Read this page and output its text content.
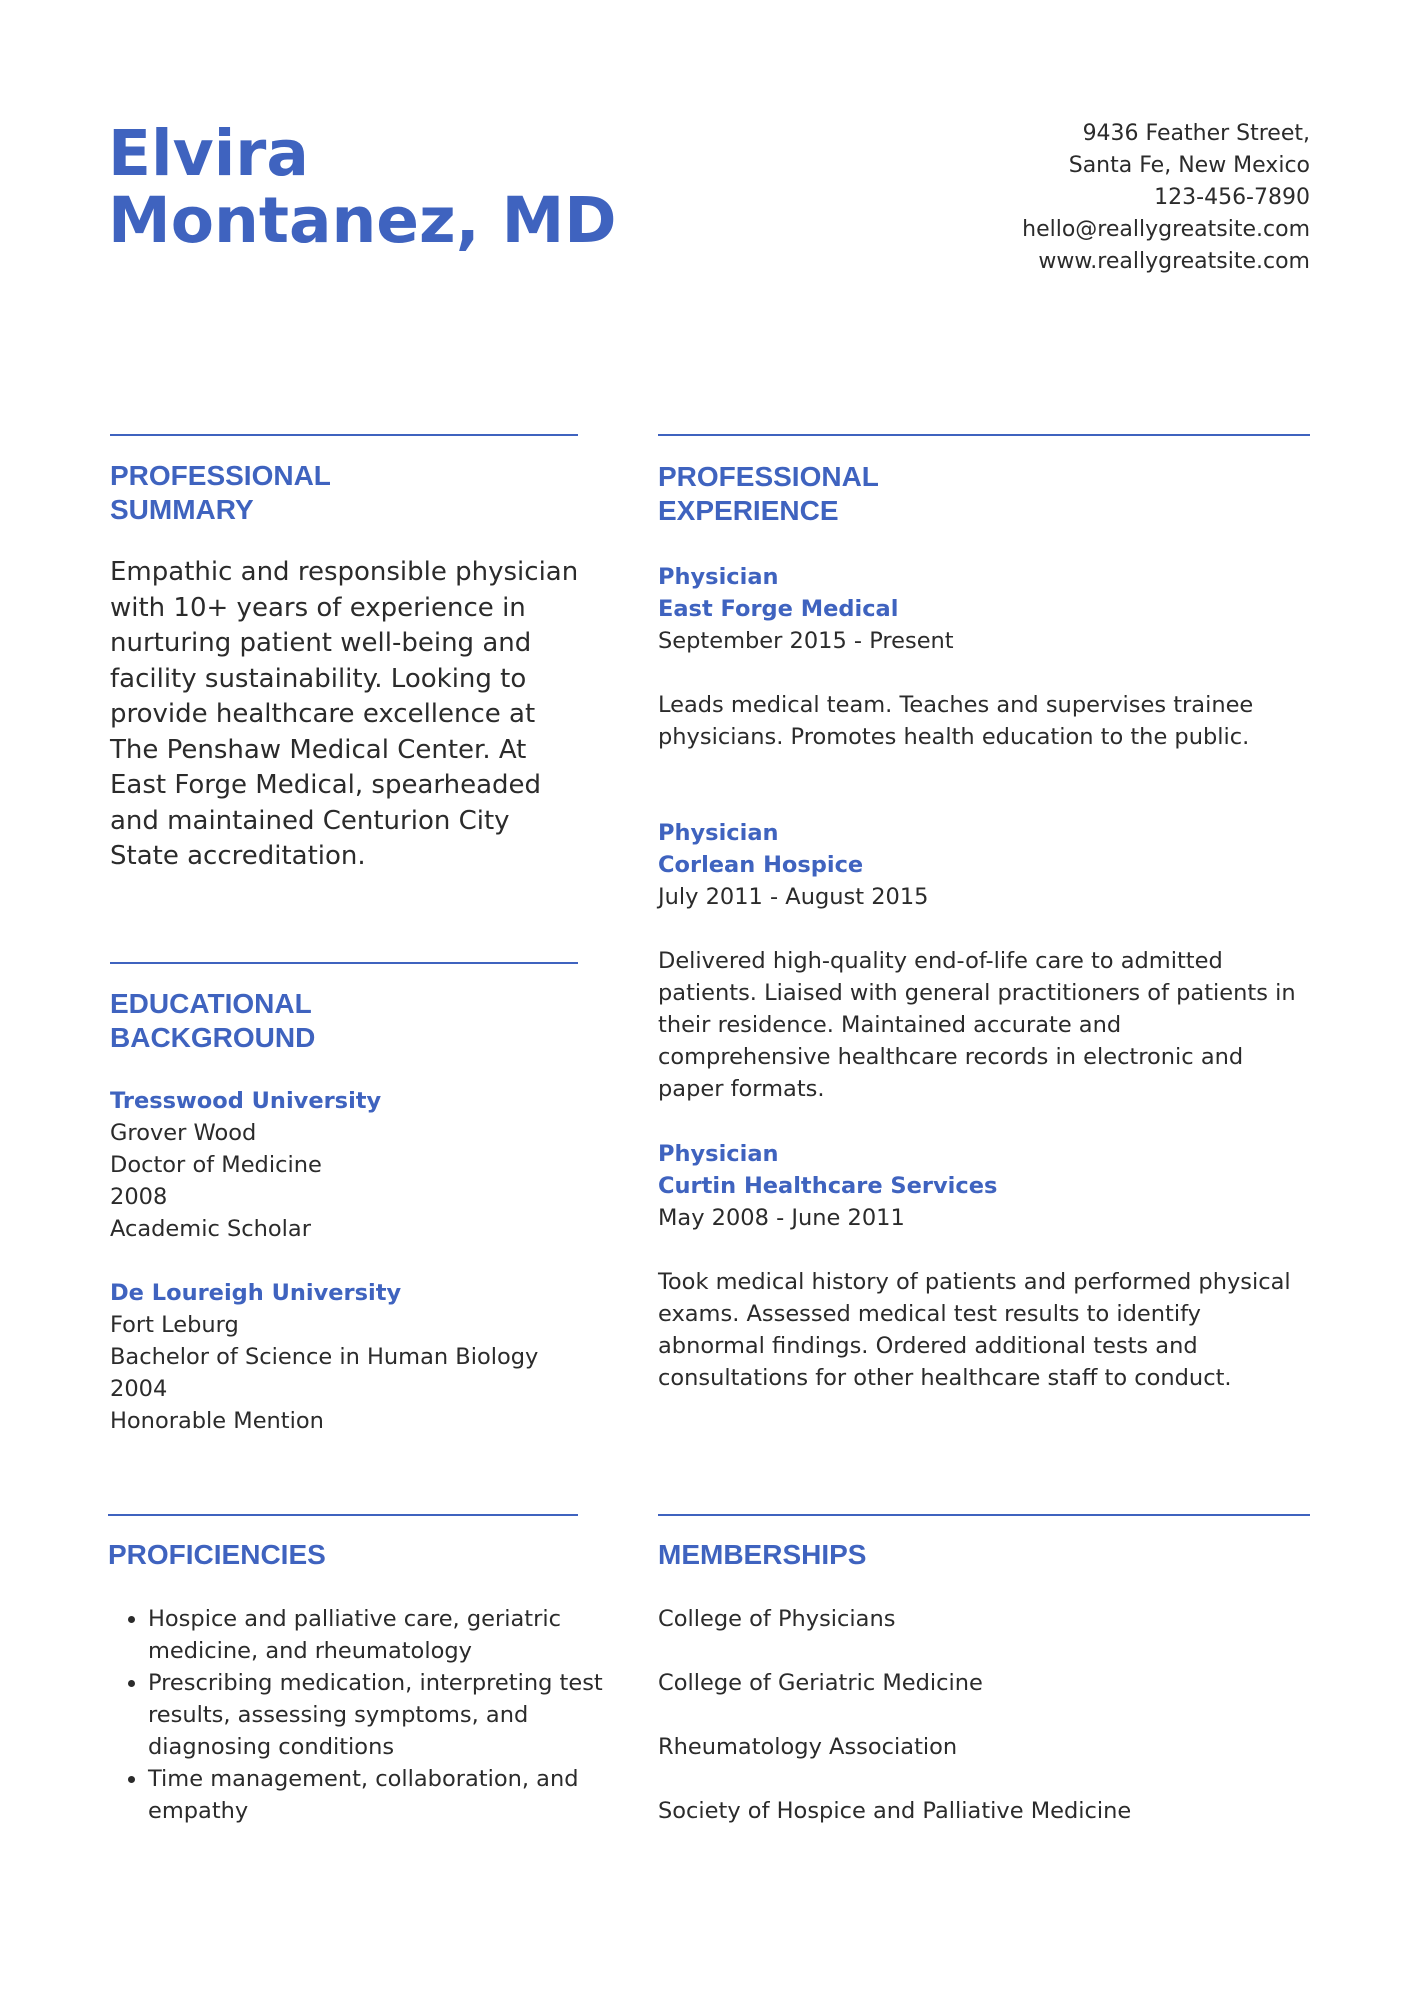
Elvira
Montanez, MD
9436 Feather Street,
Santa Fe, New Mexico
123-456-7890
hello@reallygreatsite.com
www.reallygreatsite.com
PROFESSIONAL
SUMMARY

Empathic and responsible physician with 10+ years of experience in nurturing patient well-being and facility sustainability. Looking to provide healthcare excellence at The Penshaw Medical Center. At East Forge Medical, spearheaded and maintained Centurion City State accreditation.

EDUCATIONAL
BACKGROUND
Tresswood University
Grover Wood
Doctor of Medicine
2008
Academic Scholar
De Loureigh University
Fort Leburg
Bachelor of Science in Human Biology
2004
Honorable Mention
PROFESSIONAL
EXPERIENCE
Physician
East Forge Medical
September 2015 - Present
Leads medical team. Teaches and supervises trainee physicians. Promotes health education to the public.
Physician
Corlean Hospice
July 2011 - August 2015
Delivered high-quality end-of-life care to admitted patients. Liaised with general practitioners of patients in their residence. Maintained accurate and comprehensive healthcare records in electronic and paper formats.
Physician
Curtin Healthcare Services
May 2008 - June 2011
Took medical history of patients and performed physical exams. Assessed medical test results to identify abnormal findings. Ordered additional tests and consultations for other healthcare staff to conduct.
PROFICIENCIES
• Hospice and palliative care, geriatric medicine, and rheumatology
• Prescribing medication, interpreting test results, assessing symptoms, and diagnosing conditions
• Time management, collaboration, and empathy
MEMBERSHIPS
College of Physicians
College of Geriatric Medicine
Rheumatology Association
Society of Hospice and Palliative Medicine
